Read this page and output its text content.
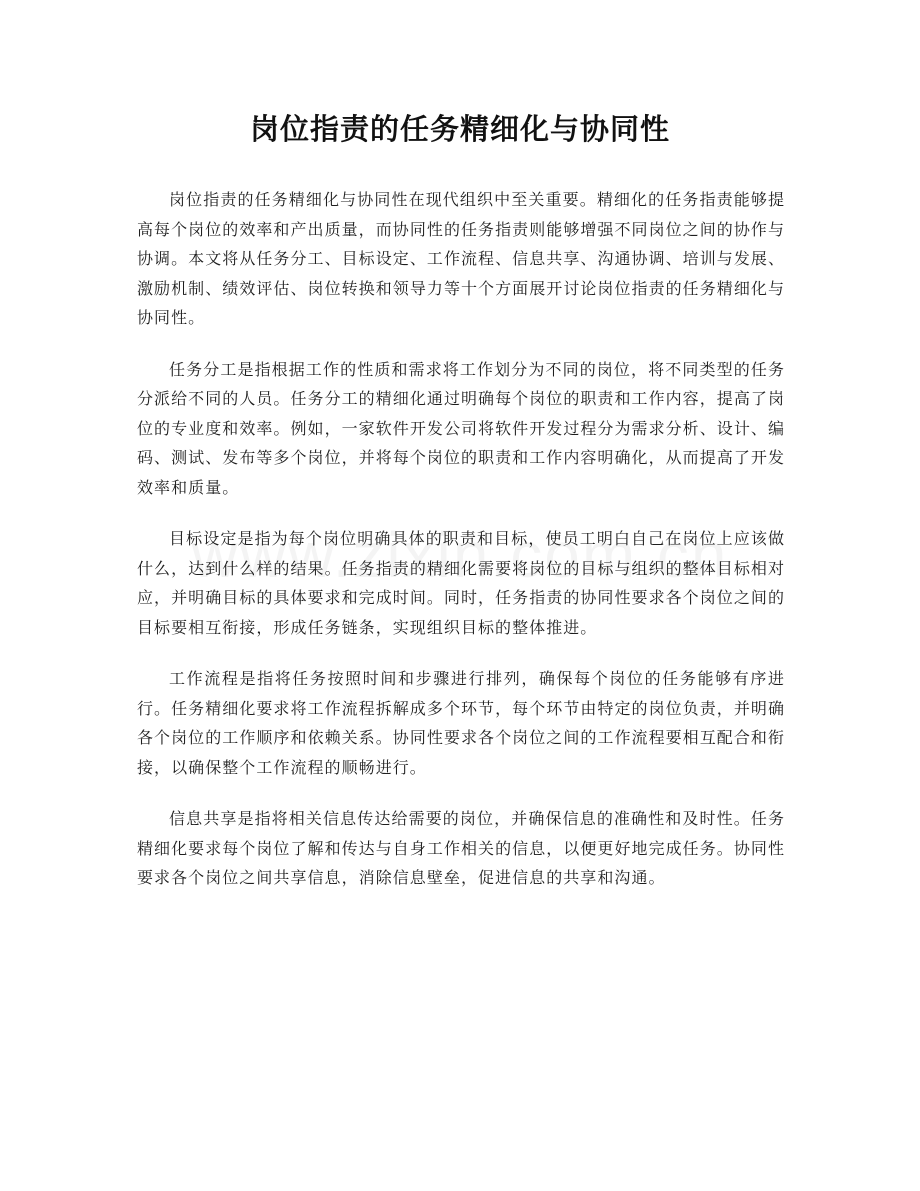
岗位指责的任务精细化与协同性

岗位指责的任务精细化与协同性在现代组织中至关重要。精细化的任务指责能够提高每个岗位的效率和产出质量，而协同性的任务指责则能够增强不同岗位之间的协作与协调。本文将从任务分工、目标设定、工作流程、信息共享、沟通协调、培训与发展、激励机制、绩效评估、岗位转换和领导力等十个方面展开讨论岗位指责的任务精细化与协同性。

任务分工是指根据工作的性质和需求将工作划分为不同的岗位，将不同类型的任务分派给不同的人员。任务分工的精细化通过明确每个岗位的职责和工作内容，提高了岗位的专业度和效率。例如，一家软件开发公司将软件开发过程分为需求分析、设计、编码、测试、发布等多个岗位，并将每个岗位的职责和工作内容明确化，从而提高了开发效率和质量。

目标设定是指为每个岗位明确具体的职责和目标，使员工明白自己在岗位上应该做什么，达到什么样的结果。任务指责的精细化需要将岗位的目标与组织的整体目标相对应，并明确目标的具体要求和完成时间。同时，任务指责的协同性要求各个岗位之间的目标要相互衔接，形成任务链条，实现组织目标的整体推进。

工作流程是指将任务按照时间和步骤进行排列，确保每个岗位的任务能够有序进行。任务精细化要求将工作流程拆解成多个环节，每个环节由特定的岗位负责，并明确各个岗位的工作顺序和依赖关系。协同性要求各个岗位之间的工作流程要相互配合和衔接，以确保整个工作流程的顺畅进行。

信息共享是指将相关信息传达给需要的岗位，并确保信息的准确性和及时性。任务精细化要求每个岗位了解和传达与自身工作相关的信息，以便更好地完成任务。协同性要求各个岗位之间共享信息，消除信息壁垒，促进信息的共享和沟通。
